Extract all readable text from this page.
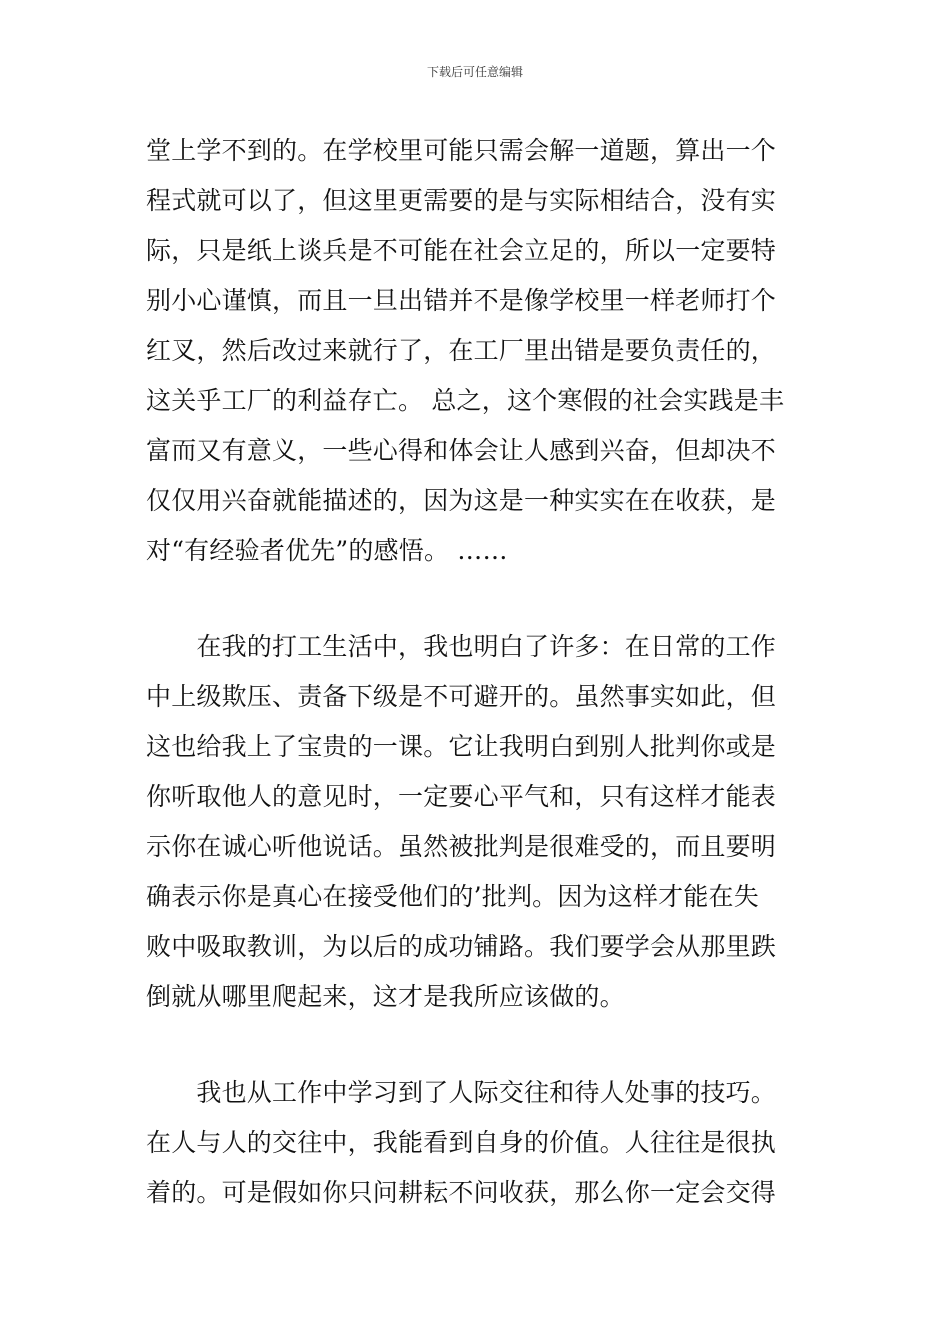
下载后可任意编辑
堂上学不到的。在学校里可能只需会解一道题，算出一个
程式就可以了，但这里更需要的是与实际相结合，没有实
际，只是纸上谈兵是不可能在社会立足的，所以一定要特
别小心谨慎，而且一旦出错并不是像学校里一样老师打个
红叉，然后改过来就行了，在工厂里出错是要负责任的，
这关乎工厂的利益存亡。 总之，这个寒假的社会实践是丰
富而又有意义，一些心得和体会让人感到兴奋，但却决不
仅仅用兴奋就能描述的，因为这是一种实实在在收获，是
对“有经验者优先”的感悟。 ……
　　在我的打工生活中，我也明白了许多：在日常的工作
中上级欺压、责备下级是不可避开的。虽然事实如此，但
这也给我上了宝贵的一课。它让我明白到别人批判你或是
你听取他人的意见时，一定要心平气和，只有这样才能表
示你在诚心听他说话。虽然被批判是很难受的，而且要明
确表示你是真心在接受他们的’批判。因为这样才能在失
败中吸取教训，为以后的成功铺路。我们要学会从那里跌
倒就从哪里爬起来，这才是我所应该做的。
　　我也从工作中学习到了人际交往和待人处事的技巧。
在人与人的交往中，我能看到自身的价值。人往往是很执
着的。可是假如你只问耕耘不问收获，那么你一定会交得
